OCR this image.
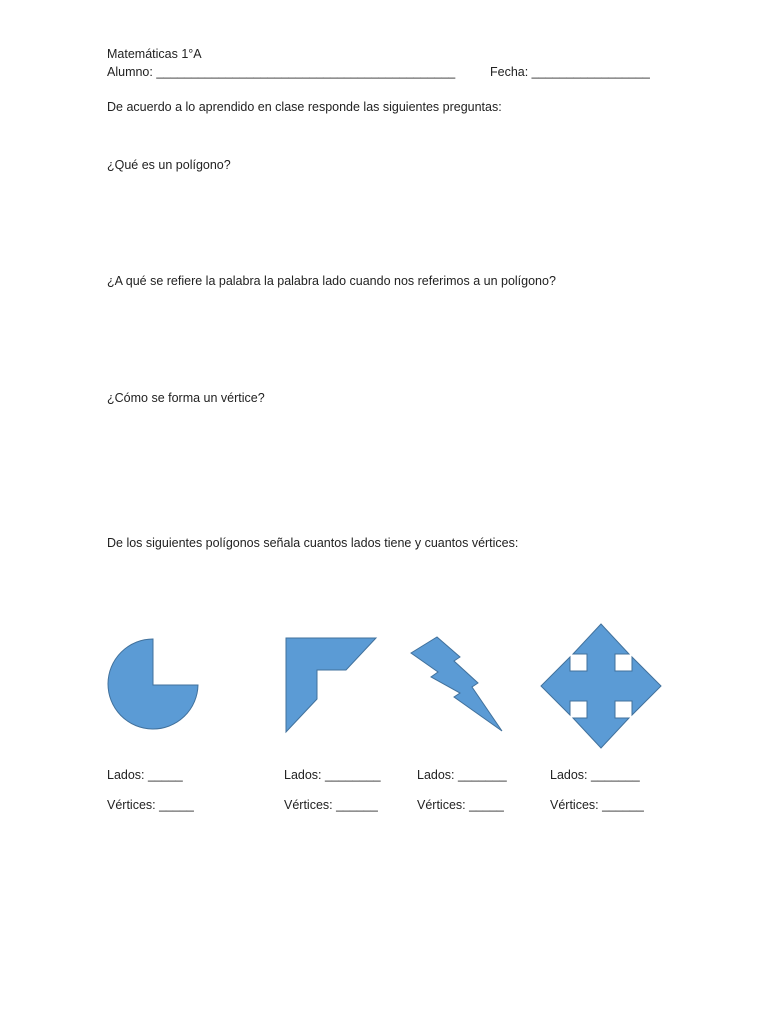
Matemáticas 1°A
Alumno: ___________________________________________	Fecha: _________________
De acuerdo a lo aprendido en clase responde las siguientes preguntas:
¿Qué es un polígono?
¿A qué se refiere la palabra la palabra lado cuando nos referimos a un polígono?
¿Cómo se forma un vértice?
De los siguientes polígonos señala cuantos lados tiene y cuantos vértices:
Lados: _____
Vértices: _____
Lados: ________
Vértices: ______
Lados: _______
Vértices: _____
Lados: _______
Vértices: ______
